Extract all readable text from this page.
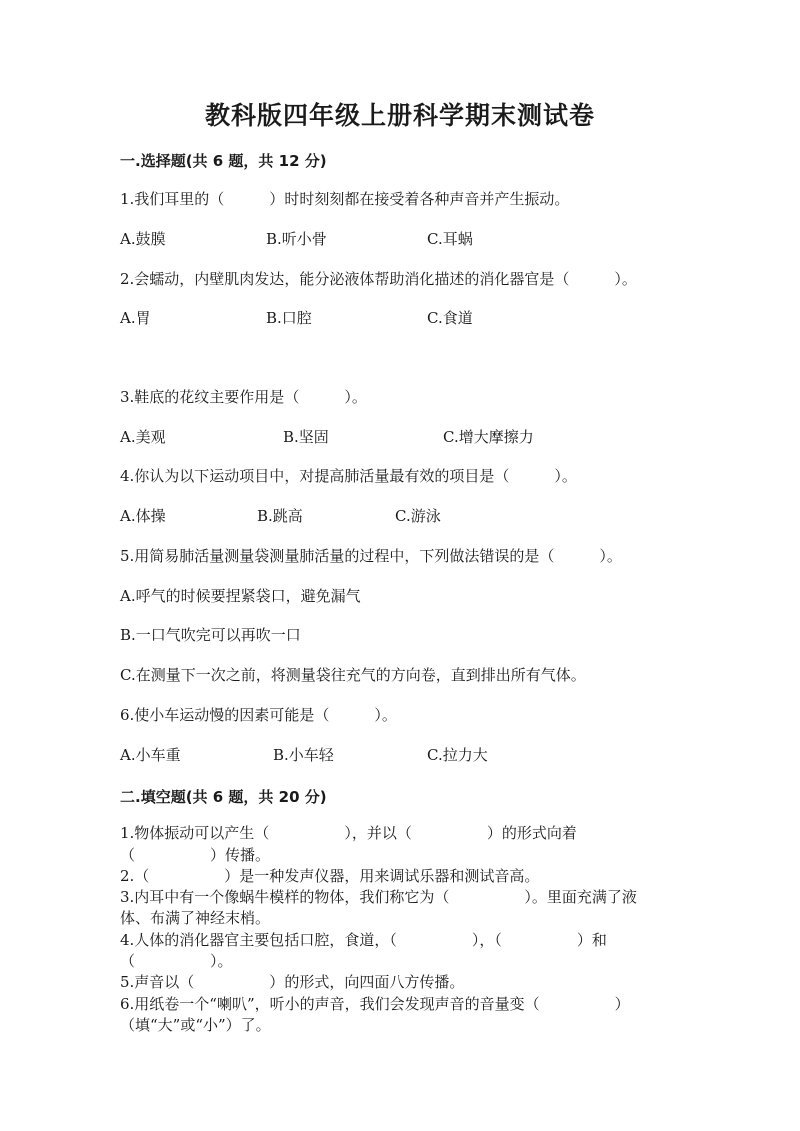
教科版四年级上册科学期末测试卷
一.选择题(共 6 题，共 12 分)
1.我们耳里的（　　　）时时刻刻都在接受着各种声音并产生振动。
A.鼓膜	B.听小骨	C.耳蜗
2.会蠕动，内壁肌肉发达，能分泌液体帮助消化描述的消化器官是（　　　）。
A.胃	B.口腔	C.食道
3.鞋底的花纹主要作用是（　　　）。
A.美观	B.坚固	C.增大摩擦力
4.你认为以下运动项目中，对提高肺活量最有效的项目是（　　　）。
A.体操	B.跳高	C.游泳
5.用简易肺活量测量袋测量肺活量的过程中，下列做法错误的是（　　　）。
A.呼气的时候要捏紧袋口，避免漏气
B.一口气吹完可以再吹一口
C.在测量下一次之前，将测量袋往充气的方向卷，直到排出所有气体。
6.使小车运动慢的因素可能是（　　　）。
A.小车重	B.小车轻	C.拉力大
二.填空题(共 6 题，共 20 分)
1.物体振动可以产生（　　　　　），并以（　　　　　）的形式向着
（　　　　　）传播。
2.（　　　　　）是一种发声仪器，用来调试乐器和测试音高。
3.内耳中有一个像蜗牛模样的物体，我们称它为（　　　　　）。里面充满了液
体、布满了神经末梢。
4.人体的消化器官主要包括口腔，食道，（　　　　　），（　　　　　）和
（　　　　　）。
5.声音以（　　　　　）的形式，向四面八方传播。
6.用纸卷一个“喇叭”，听小的声音，我们会发现声音的音量变（　　　　　）
（填“大”或“小”）了。
